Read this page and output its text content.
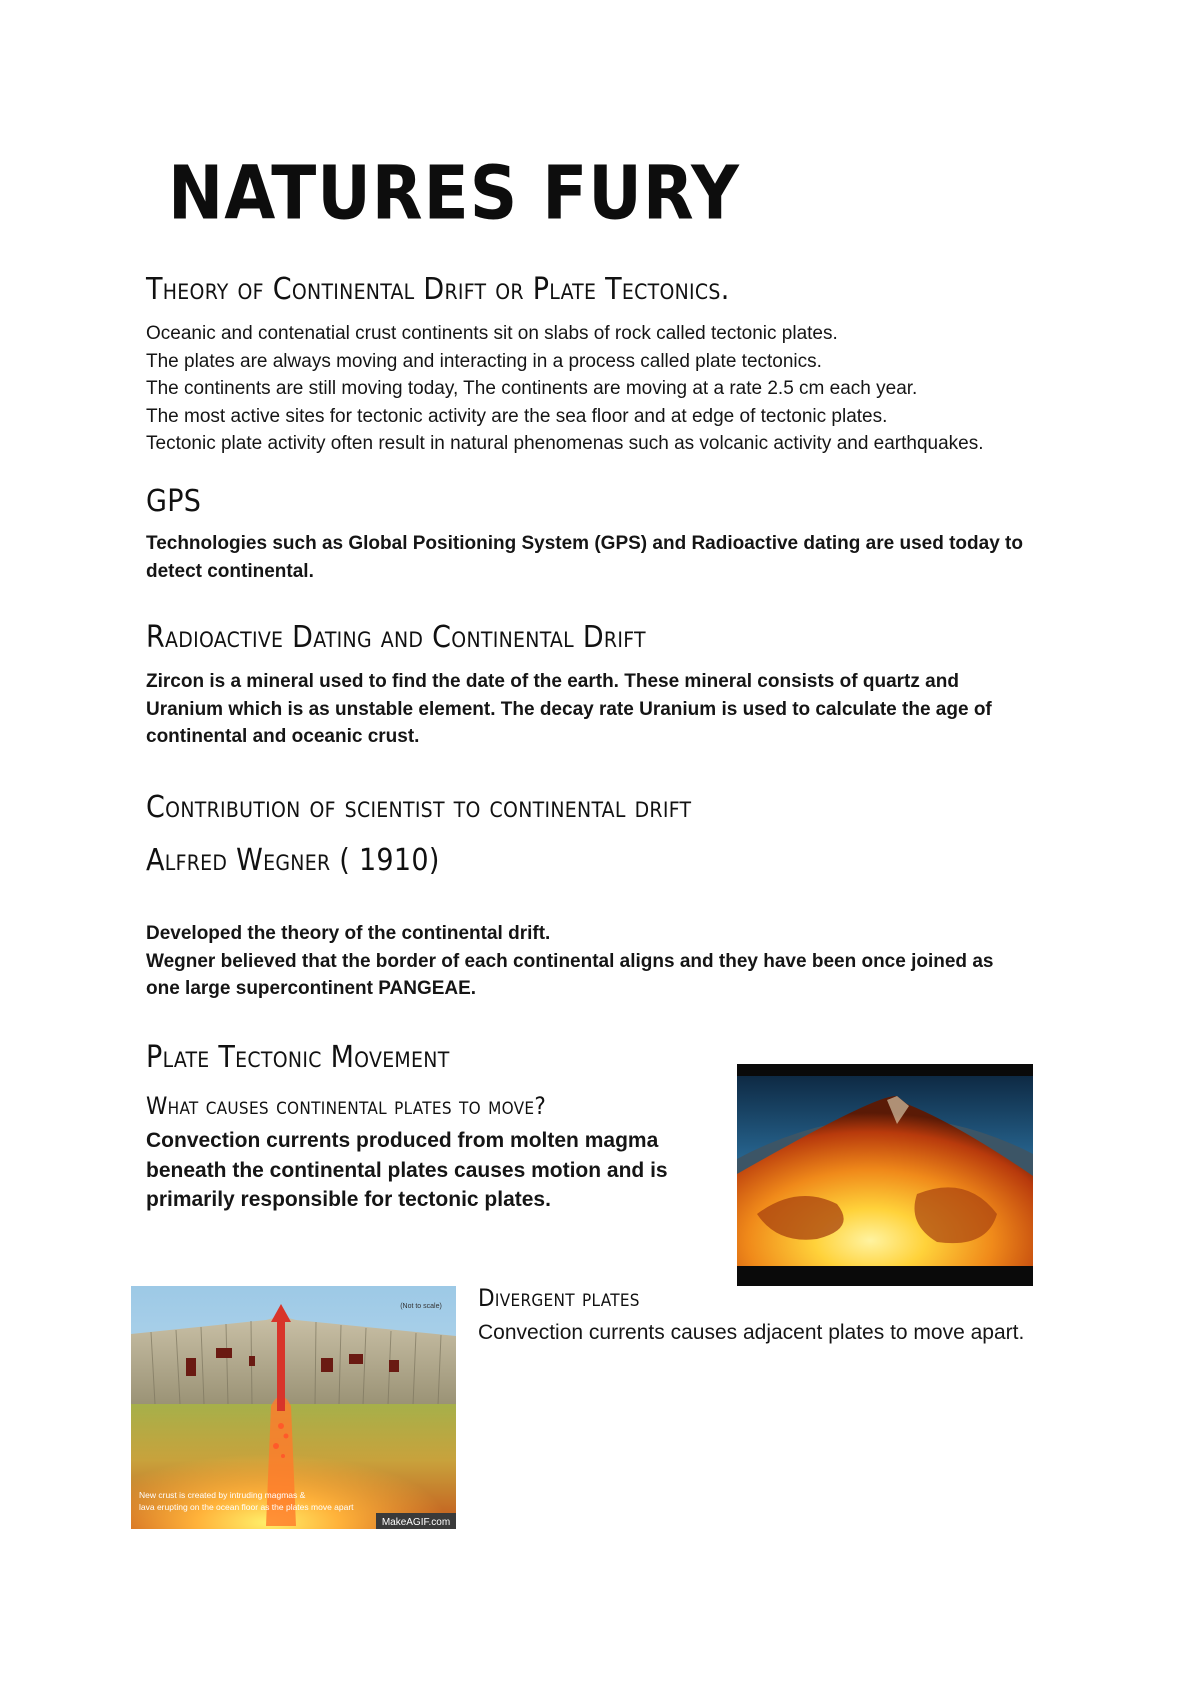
NATURES FURY
Theory of Continental Drift or Plate Tectonics.
Oceanic and contenatial crust continents sit on slabs of rock called tectonic plates.
The plates are always moving and interacting in a process called plate tectonics.
The continents are still moving today, The continents are moving at a rate 2.5 cm each year.
The most active sites for tectonic activity are the sea floor and at edge of tectonic plates.
Tectonic plate activity often result in natural phenomenas such as volcanic activity and earthquakes.
GPS
Technologies such as Global Positioning System (GPS) and Radioactive dating are used today to
detect continental.
Radioactive Dating and Continental Drift
Zircon is a mineral used to find the date of the earth. These mineral consists of quartz and
Uranium which is as unstable element. The decay rate Uranium is used to calculate the age of
continental and oceanic crust.
Contribution of scientist to continental drift
Alfred Wegner ( 1910)
Developed the theory of the continental drift.
Wegner believed that the border of each continental aligns and they have been once joined as
one large supercontinent PANGEAE.
Plate Tectonic Movement
What causes continental plates to move?
Convection currents produced from molten magma
beneath the continental plates causes motion and is
primarily responsible for tectonic plates.
(Not to scale)
New crust is created by intruding magmas &
lava erupting on the ocean floor as the plates move apart
MakeAGIF.com
Divergent plates
Convection currents causes adjacent plates to move apart.
